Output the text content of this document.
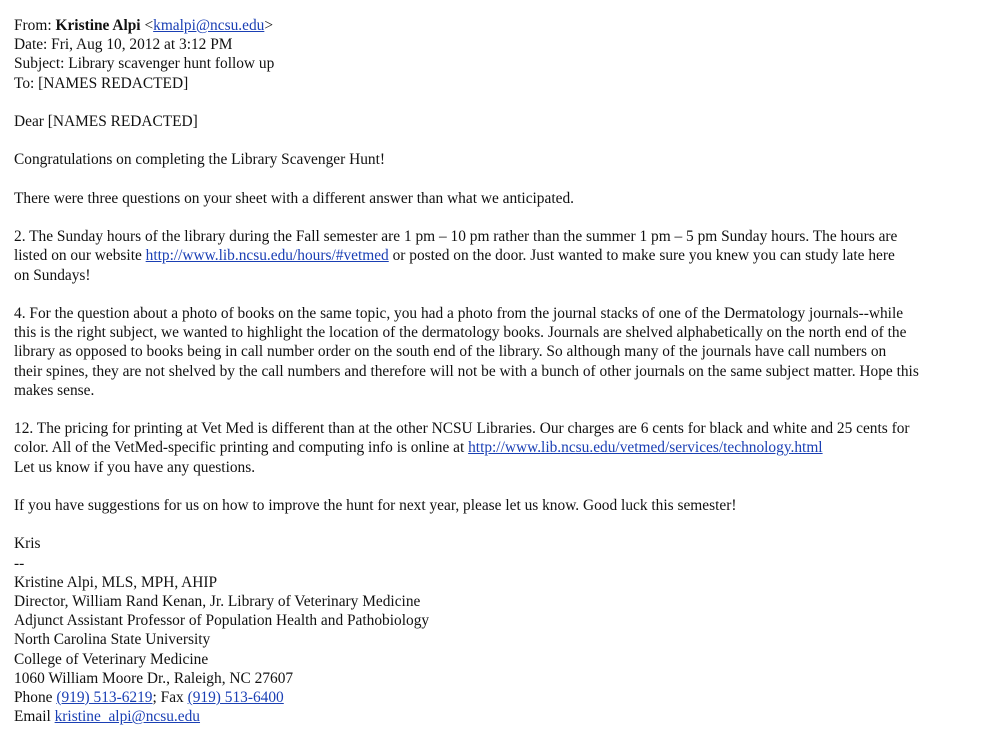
From: Kristine Alpi <kmalpi@ncsu.edu>
Date: Fri, Aug 10, 2012 at 3:12 PM
Subject: Library scavenger hunt follow up
To: [NAMES REDACTED]
Dear [NAMES REDACTED]
Congratulations on completing the Library Scavenger Hunt!
There were three questions on your sheet with a different answer than what we anticipated.
2. The Sunday hours of the library during the Fall semester are 1 pm – 10 pm rather than the summer 1 pm – 5 pm Sunday hours. The hours are
listed on our website http://www.lib.ncsu.edu/hours/#vetmed or posted on the door. Just wanted to make sure you knew you can study late here
on Sundays!
4. For the question about a photo of books on the same topic, you had a photo from the journal stacks of one of the Dermatology journals--while
this is the right subject, we wanted to highlight the location of the dermatology books. Journals are shelved alphabetically on the north end of the
library as opposed to books being in call number order on the south end of the library. So although many of the journals have call numbers on
their spines, they are not shelved by the call numbers and therefore will not be with a bunch of other journals on the same subject matter. Hope this
makes sense.
12. The pricing for printing at Vet Med is different than at the other NCSU Libraries. Our charges are 6 cents for black and white and 25 cents for
color. All of the VetMed-specific printing and computing info is online at http://www.lib.ncsu.edu/vetmed/services/technology.html
Let us know if you have any questions.
If you have suggestions for us on how to improve the hunt for next year, please let us know. Good luck this semester!
Kris
--
Kristine Alpi, MLS, MPH, AHIP
Director, William Rand Kenan, Jr. Library of Veterinary Medicine
Adjunct Assistant Professor of Population Health and Pathobiology
North Carolina State University
College of Veterinary Medicine
1060 William Moore Dr., Raleigh, NC 27607
Phone (919) 513-6219; Fax (919) 513-6400
Email kristine_alpi@ncsu.edu
